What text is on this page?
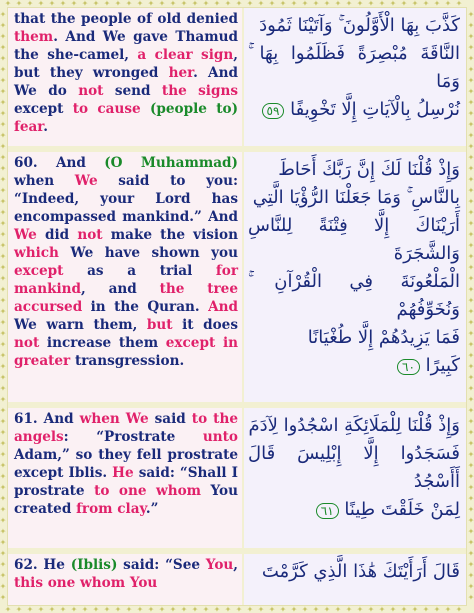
✦
✦
✦
✦
✦
✦
✦
✦
✦
✦
✦
✦
✦
✦
✦
✦
✦
✦
✦
✦
✦
✦
✦
✦
✦
✦
✦
✦
✦
✦
✦
✦
✦
✦
✦
✦
✦
✦
✦
✦
✦
✦
✦
✦
✦
✦
✦
✦
✦
✦
✦
✦
✦
✦
✦
✦
✦
✦
✦
✦
✦
✦
✦
✦
✦
✦
✦
✦
✦
✦
✦
✦
✦
✦
✦
✦
✦
✦
✦
✦
✦
✦
✦
✦
✦	✦
✦	✦
✦	✦
✦	✦
✦	✦
✦	✦
✦	✦
✦	✦
✦	✦
✦	✦
✦	✦
✦	✦
✦	✦
✦	✦
✦	✦
✦	✦
✦	✦
✦	✦
✦	✦
✦	✦
✦	✦
✦	✦
✦	✦
✦	✦
✦	✦
✦	✦
✦	✦
✦	✦
✦	✦
✦	✦
✦	✦
✦	✦
✦	✦
✦	✦
✦	✦
✦	✦
✦	✦
✦	✦
✦	✦
✦	✦
✦	✦
✦	✦
✦	✦
✦	✦
✦	✦
✦	✦
✦	✦
✦	✦
✦	✦
✦	✦
✦	✦
✦	✦
✦	✦
✦	✦
that the people of old denied them. And We gave Thamud the she-camel, a clear sign, but they wronged her. And We do not send the signs except to cause (people to) fear.
كَذَّبَ بِهَا الْأَوَّلُونَ ۚ وَآتَيْنَا ثَمُودَ
النَّاقَةَ مُبْصِرَةً فَظَلَمُوا بِهَا ۚ وَمَا
نُرْسِلُ بِالْآيَاتِ إِلَّا تَخْوِيفًا ٥٩
60. And (O Muhammad) when We said to you: “Indeed, your Lord has encompassed mankind.” And We did not make the vision which We have shown you except as a trial for mankind, and the tree accursed in the Quran. And We warn them, but it does not increase them except in greater transgression.
وَإِذْ قُلْنَا لَكَ إِنَّ رَبَّكَ أَحَاطَ
بِالنَّاسِ ۚ وَمَا جَعَلْنَا الرُّؤْيَا الَّتِي
أَرَيْنَاكَ إِلَّا فِتْنَةً لِلنَّاسِ وَالشَّجَرَةَ
الْمَلْعُونَةَ فِي الْقُرْآنِ ۚ وَنُخَوِّفُهُمْ
فَمَا يَزِيدُهُمْ إِلَّا طُغْيَانًا
كَبِيرًا ٦٠
61. And when We said to the angels: “Prostrate unto Adam,” so they fell prostrate except Iblis. He said: “Shall I prostrate to one whom You created from clay.”
وَإِذْ قُلْنَا لِلْمَلَائِكَةِ اسْجُدُوا لِآدَمَ
فَسَجَدُوا إِلَّا إِبْلِيسَ قَالَ أَأَسْجُدُ
لِمَنْ خَلَقْتَ طِينًا ٦١
62. He (Iblis) said: “See You, this one whom You
قَالَ أَرَأَيْتَكَ هَٰذَا الَّذِي كَرَّمْتَ
